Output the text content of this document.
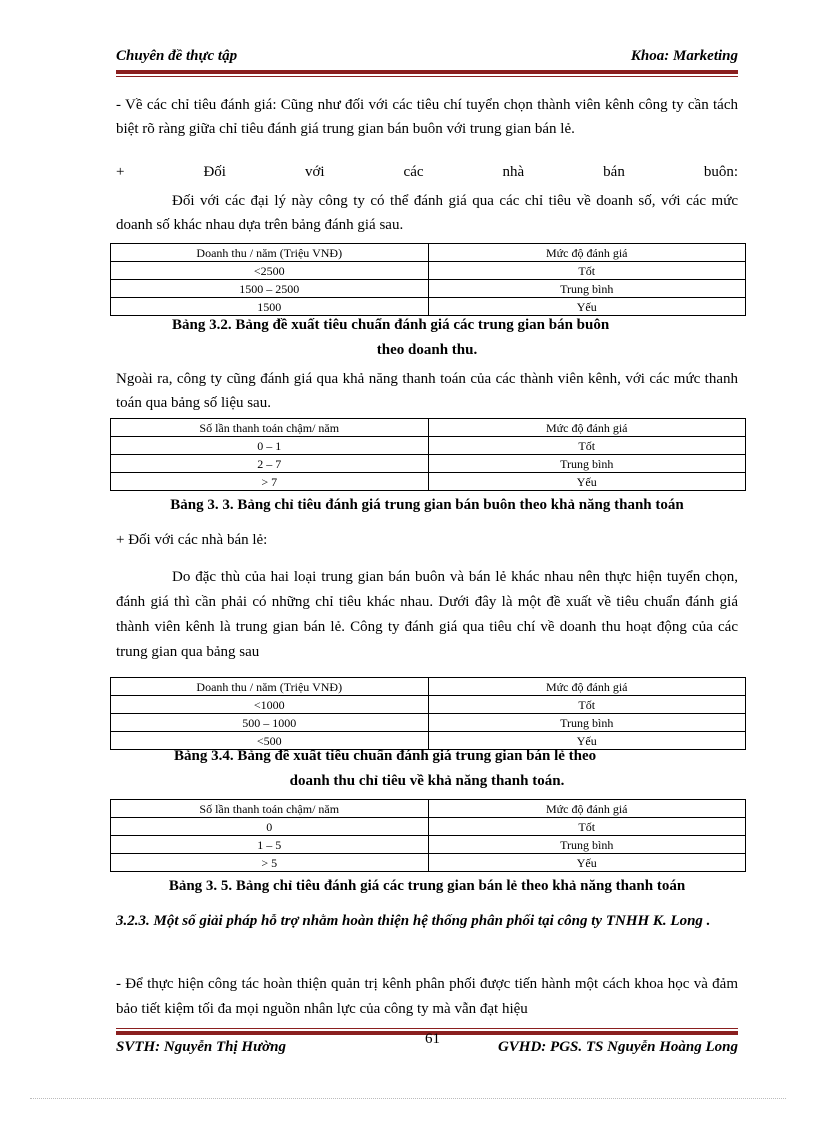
Chuyên đề thực tập	Khoa: Marketing
- Về các chỉ tiêu đánh giá: Cũng như đối với các tiêu chí tuyển chọn thành viên kênh công ty cần tách biệt rõ ràng giữa chỉ tiêu đánh giá trung gian bán buôn với trung gian bán lẻ.
+	Đối	với	các	nhà	bán	buôn:
Đối với các đại lý này công ty có thể đánh giá qua các chỉ tiêu về doanh số, với các mức doanh số khác nhau dựa trên bảng đánh giá sau.
Doanh thu / năm (Triệu VNĐ)	Mức độ đánh giá
<2500	Tốt
1500 – 2500	Trung bình
1500	Yếu
Bảng 3.2. Bảng đề xuất tiêu chuẩn đánh giá các trung gian bán buôn
theo doanh thu.
Ngoài ra, công ty cũng đánh giá qua khả năng thanh toán của các thành viên kênh, với các mức thanh toán qua bảng số liệu sau.
Số lần thanh toán chậm/ năm	Mức độ đánh giá
0 – 1	Tốt
2 – 7	Trung bình
> 7	Yếu
Bảng 3. 3. Bảng chỉ tiêu đánh giá trung gian bán buôn theo khả năng thanh toán
+ Đối với các nhà bán lẻ:
Do đặc thù của hai loại trung gian bán buôn và bán lẻ khác nhau nên thực hiện tuyển chọn, đánh giá thì cần phải có những chỉ tiêu khác nhau. Dưới đây là một đề xuất về tiêu chuẩn đánh giá thành viên kênh là trung gian bán lẻ. Công ty đánh giá qua tiêu chí về doanh thu hoạt động của các trung gian qua bảng sau
Doanh thu / năm (Triệu VNĐ)	Mức độ đánh giá
<1000	Tốt
500 – 1000	Trung bình
<500	Yếu
Bảng 3.4. Bảng đề xuất tiêu chuẩn đánh giá trung gian bán lẻ theo
doanh thu chỉ tiêu về khả năng thanh toán.
Số lần thanh toán chậm/ năm	Mức độ đánh giá
0	Tốt
1 – 5	Trung bình
> 5	Yếu
Bảng 3. 5. Bảng chỉ tiêu đánh giá các trung gian bán lẻ theo khả năng thanh toán
3.2.3. Một số giải pháp hỗ trợ nhằm hoàn thiện hệ thống phân phối tại công ty TNHH K. Long .
- Để thực hiện công tác hoàn thiện quản trị kênh phân phối được tiến hành một cách khoa học và đảm bảo tiết kiệm tối đa mọi nguồn nhân lực của công ty mà vẫn đạt hiệu
SVTH: Nguyễn Thị Hường	61	GVHD: PGS. TS Nguyễn Hoàng Long
